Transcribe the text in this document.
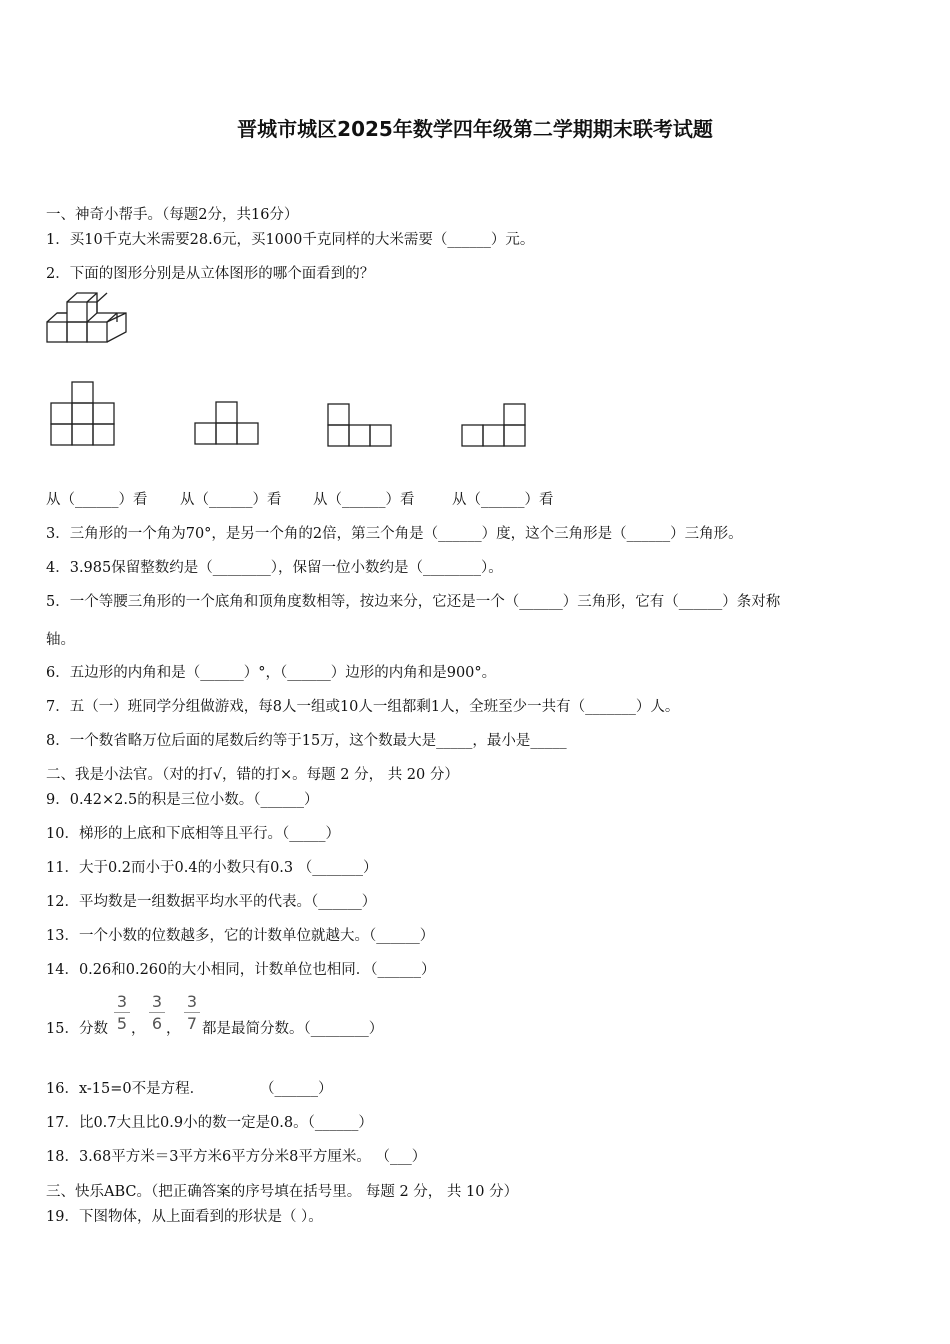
晋城市城区2025年数学四年级第二学期期末联考试题
一、神奇小帮手。（每题2分，共16分）
1．买10千克大米需要28.6元，买1000千克同样的大米需要（______）元。
2．下面的图形分别是从立体图形的哪个面看到的？
从（______）看 从（______）看 从（______）看	从（______）看
3．三角形的一个角为70°，是另一个角的2倍，第三个角是（______）度，这个三角形是（______）三角形。
4．3.985保留整数约是（________），保留一位小数约是（________）。
5．一个等腰三角形的一个底角和顶角度数相等，按边来分，它还是一个（______）三角形，它有（______）条对称
轴。
6．五边形的内角和是（______）°，（______）边形的内角和是900°。
7．五（一）班同学分组做游戏，每8人一组或10人一组都剩1人，全班至少一共有（_______）人。
8．一个数省略万位后面的尾数后约等于15万，这个数最大是_____，最小是_____
二、我是小法官。（对的打√，错的打×。每题 2 分， 共 20 分）
9．0.42×2.5的积是三位小数。（______）
10．梯形的上底和下底相等且平行。（_____）
11．大于0.2而小于0.4的小数只有0.3 （_______）
12．平均数是一组数据平均水平的代表。（______）
13．一个小数的位数越多，它的计数单位就越大。（______）
14．0.26和0.260的大小相同，计数单位也相同．（______）
15．分数
3
5 ，
3
6 ，
3
7 都是最简分数。（________）
16．x-15=0不是方程．	（______）
17．比0.7大且比0.9小的数一定是0.8。（______）
18．3.68平方米＝3平方米6平方分米8平方厘米。 （___）
三、快乐ABC。（把正确答案的序号填在括号里。 每题 2 分， 共 10 分）
19．下图物体，从上面看到的形状是（ ）。
